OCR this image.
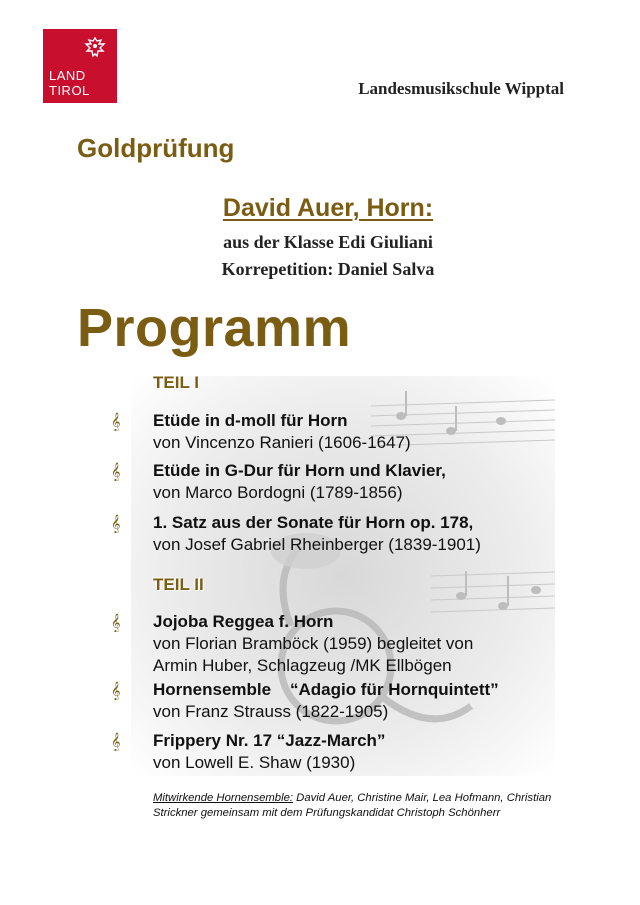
LAND
TIROL	Landesmusikschule Wipptal
Goldprüfung
David Auer, Horn:
aus der Klasse Edi Giuliani
Korrepetition: Daniel Salva
Programm
TEIL I
𝄞 Etüde in d-moll für Horn
von Vincenzo Ranieri (1606-1647)
𝄞 Etüde in G-Dur für Horn und Klavier,
von Marco Bordogni (1789-1856)
𝄞 1. Satz aus der Sonate für Horn op. 178,
von Josef Gabriel Rheinberger (1839-1901)
TEIL II
𝄞 Jojoba Reggea f. Horn
von Florian Bramböck (1959) begleitet von
Armin Huber, Schlagzeug /MK Ellbögen
𝄞 Hornensemble    “Adagio für Hornquintett”
von Franz Strauss (1822-1905)
𝄞 Frippery Nr. 17 “Jazz-March”
von Lowell E. Shaw (1930)
Mitwirkende Hornensemble: David Auer, Christine Mair, Lea Hofmann, Christian Strickner gemeinsam mit dem Prüfungskandidat Christoph Schönherr
